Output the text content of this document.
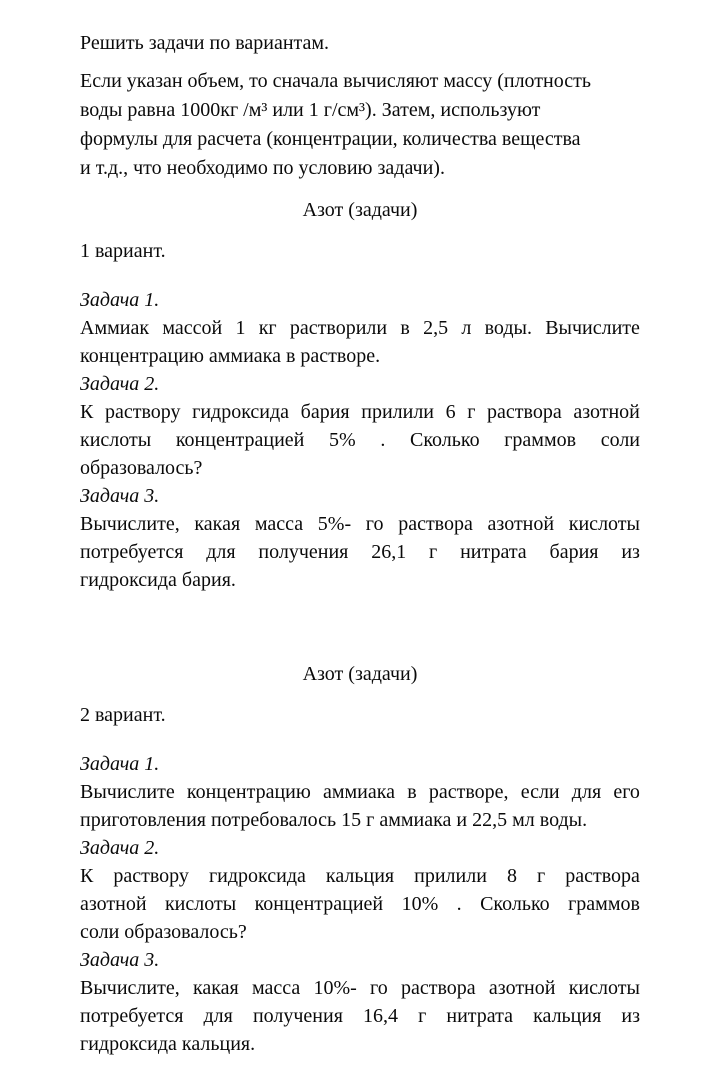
Решить задачи по вариантам.
Если указан объем, то сначала вычисляют массу (плотность
воды равна 1000кг /м³ или 1 г/см³). Затем, используют
формулы для расчета (концентрации, количества вещества
и т.д., что необходимо по условию задачи).
Азот (задачи)
1 вариант.
Задача 1.
Аммиак массой 1 кг растворили в 2,5 л воды. Вычислите
концентрацию аммиака в растворе.
Задача 2.
К раствору гидроксида бария прилили 6 г раствора азотной
кислоты концентрацией 5% . Сколько граммов соли
образовалось?
Задача 3.
Вычислите, какая масса 5%- го раствора азотной кислоты
потребуется для получения 26,1 г нитрата бария из
гидроксида бария.
Азот (задачи)
2 вариант.
Задача 1.
Вычислите концентрацию аммиака в растворе, если для его
приготовления потребовалось 15 г аммиака и 22,5 мл воды.
Задача 2.
К раствору гидроксида кальция прилили 8 г раствора
азотной кислоты концентрацией 10% . Сколько граммов
соли образовалось?
Задача 3.
Вычислите, какая масса 10%- го раствора азотной кислоты
потребуется для получения 16,4 г нитрата кальция из
гидроксида кальция.
